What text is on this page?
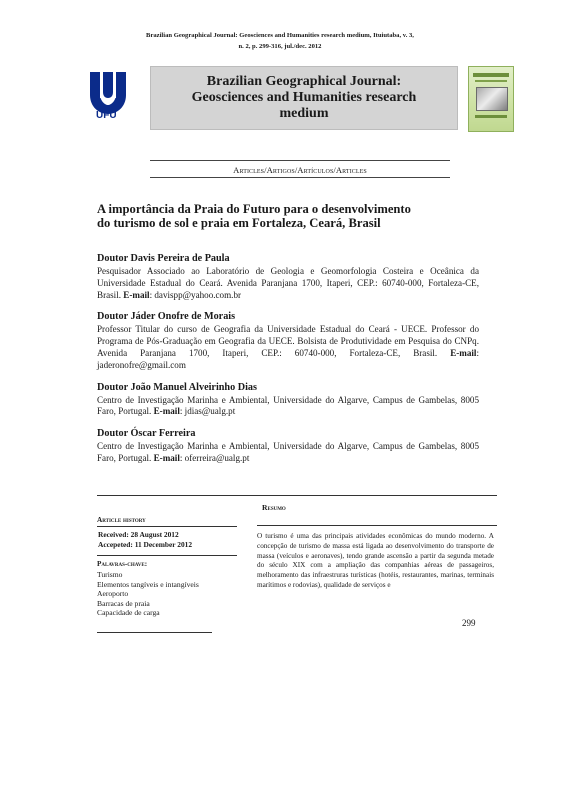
Brazilian Geographical Journal: Geosciences and Humanities research medium, Ituiutaba, v. 3,
n. 2, p. 299-316, jul./dec. 2012
UFU
Brazilian Geographical Journal:
Geosciences and Humanities research
medium
Articles/Artigos/Artículos/Articles
A importância da Praia do Futuro para o desenvolvimento
do turismo de sol e praia em Fortaleza, Ceará, Brasil
Doutor Davis Pereira de Paula
Pesquisador Associado ao Laboratório de Geologia e Geomorfologia Costeira e Oceânica da Universidade Estadual do Ceará. Avenida Paranjana 1700, Itaperi, CEP.: 60740-000, Fortaleza-CE, Brasil. E-mail: davispp@yahoo.com.br
Doutor Jáder Onofre de Morais
Professor Titular do curso de Geografia da Universidade Estadual do Ceará - UECE. Professor do Programa de Pós-Graduação em Geografia da UECE. Bolsista de Produtividade em Pesquisa do CNPq. Avenida Paranjana 1700, Itaperi, CEP.: 60740-000, Fortaleza-CE, Brasil. E-mail: jaderonofre@gmail.com
Doutor João Manuel Alveirinho Dias
Centro de Investigação Marinha e Ambiental, Universidade do Algarve, Campus de Gambelas, 8005 Faro, Portugal. E-mail: jdias@ualg.pt
Doutor Óscar Ferreira
Centro de Investigação Marinha e Ambiental, Universidade do Algarve, Campus de Gambelas, 8005 Faro, Portugal. E-mail: oferreira@ualg.pt
Resumo
O turismo é uma das principais atividades econômicas do mundo moderno. A concepção de turismo de massa está ligada ao desenvolvimento do transporte de massa (veículos e aeronaves), tendo grande ascensão a partir da segunda metade do século XIX com a ampliação das companhias aéreas de passageiros, melhoramento das infraestruras turísticas (hotéis, restaurantes, marinas, terminais marítimos e rodovias), qualidade de serviços e
Article history
Received: 28 August 2012
Accepeted: 11 December 2012
Palavras-chave:
Turismo
Elementos tangíveis e intangíveis
Aeroporto
Barracas de praia
Capacidade de carga
299
